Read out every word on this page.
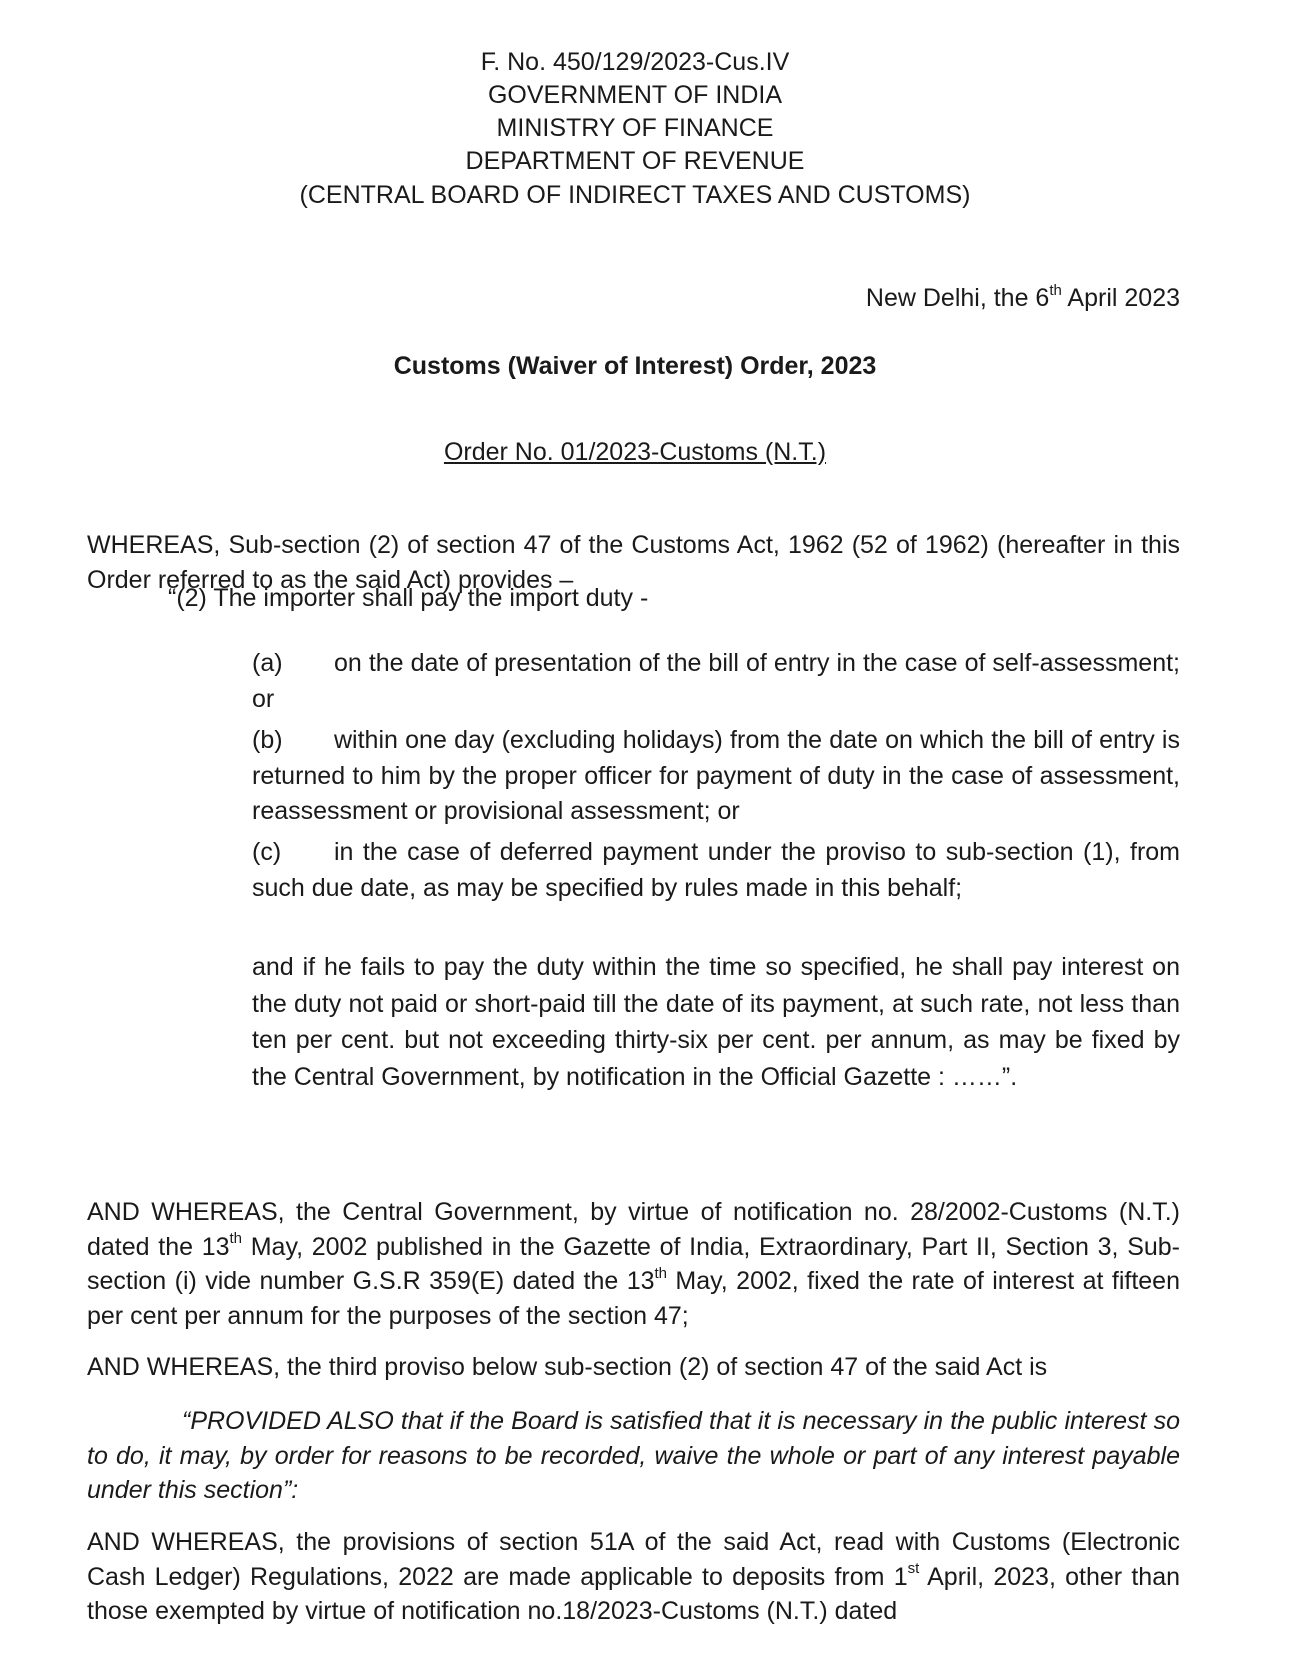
F. No. 450/129/2023-Cus.IV
GOVERNMENT OF INDIA
MINISTRY OF FINANCE
DEPARTMENT OF REVENUE
(CENTRAL BOARD OF INDIRECT TAXES AND CUSTOMS)
New Delhi, the 6th April 2023
Customs (Waiver of Interest) Order, 2023
Order No. 01/2023-Customs (N.T.)

WHEREAS, Sub-section (2) of section 47 of the Customs Act, 1962 (52 of 1962) (hereafter in this Order referred to as the said Act) provides –

“(2) The importer shall pay the import duty -

(a) on the date of presentation of the bill of entry in the case of self-assessment; or

(b) within one day (excluding holidays) from the date on which the bill of entry is returned to him by the proper officer for payment of duty in the case of assessment, reassessment or provisional assessment; or

(c) in the case of deferred payment under the proviso to sub-section (1), from such due date, as may be specified by rules made in this behalf;

and if he fails to pay the duty within the time so specified, he shall pay interest on the duty not paid or short-paid till the date of its payment, at such rate, not less than ten per cent. but not exceeding thirty-six per cent. per annum, as may be fixed by the Central Government, by notification in the Official Gazette : ……”.

AND WHEREAS, the Central Government, by virtue of notification no. 28/2002-Customs (N.T.) dated the 13th May, 2002 published in the Gazette of India, Extraordinary, Part II, Section 3, Sub-section (i) vide number G.S.R 359(E) dated the 13th May, 2002, fixed the rate of interest at fifteen per cent per annum for the purposes of the section 47;

AND WHEREAS, the third proviso below sub-section (2) of section 47 of the said Act is

“PROVIDED ALSO that if the Board is satisfied that it is necessary in the public interest so to do, it may, by order for reasons to be recorded, waive the whole or part of any interest payable under this section”:

AND WHEREAS, the provisions of section 51A of the said Act, read with Customs (Electronic Cash Ledger) Regulations, 2022 are made applicable to deposits from 1st April, 2023, other than those exempted by virtue of notification no.18/2023-Customs (N.T.) dated
